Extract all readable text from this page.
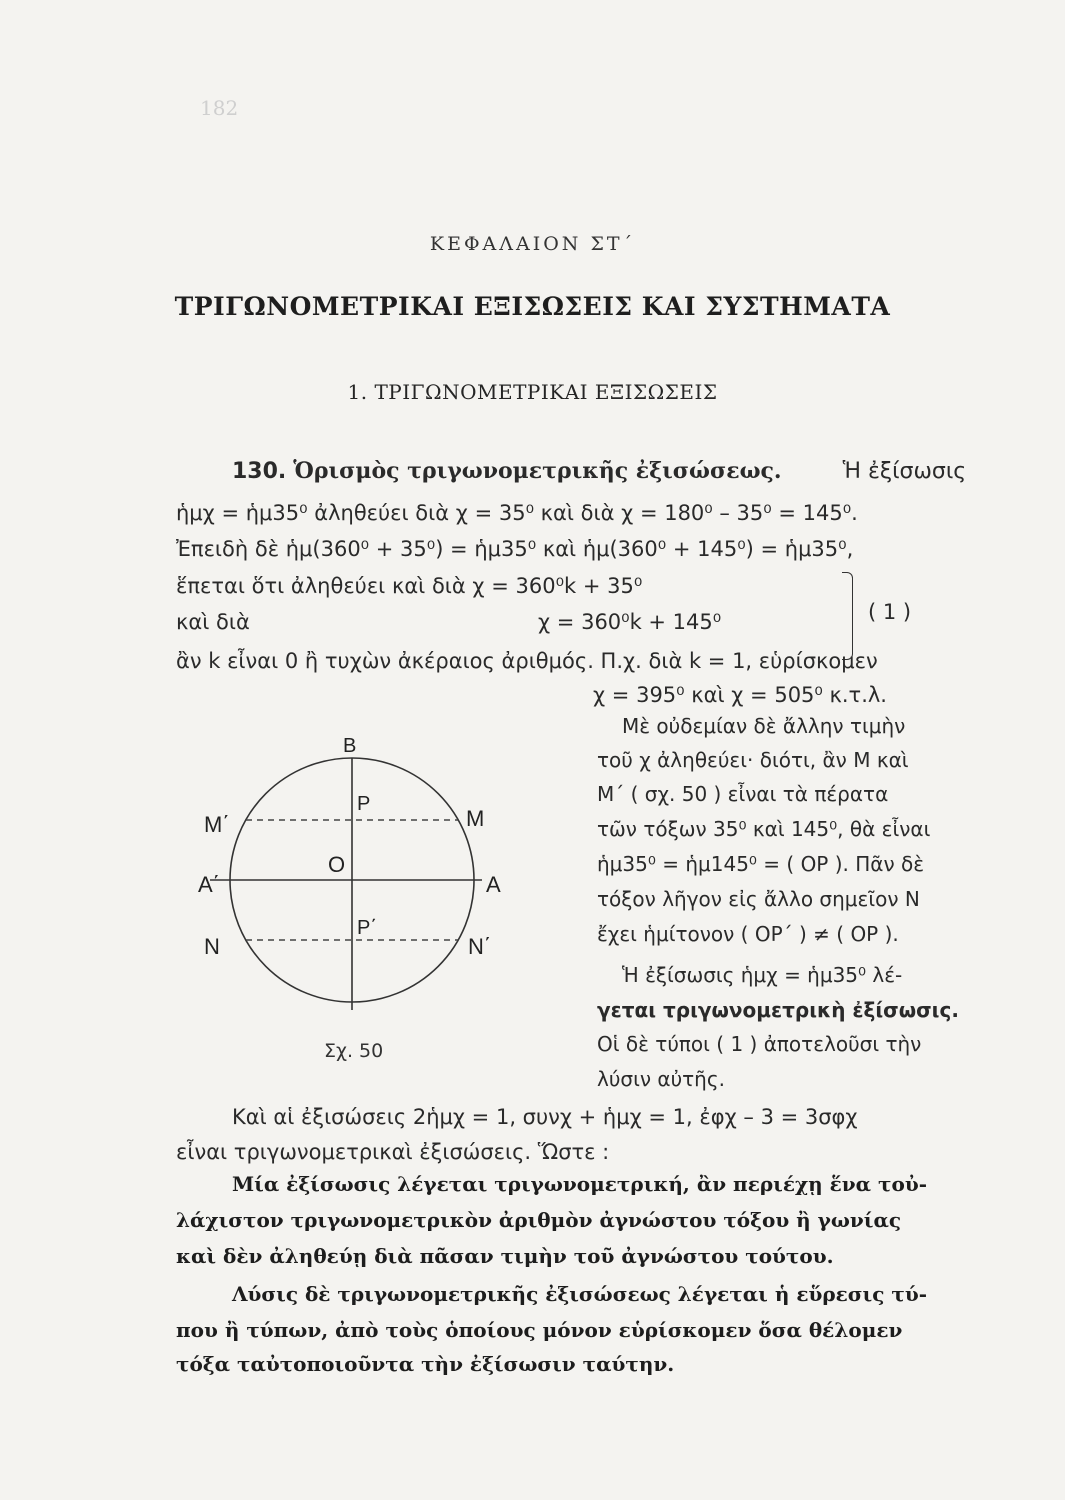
182
ΚΕΦΑΛΑΙΟΝ ΣΤ΄
ΤΡΙΓΩΝΟΜΕΤΡΙΚΑΙ ΕΞΙΣΩΣΕΙΣ ΚΑΙ ΣΥΣΤΗΜΑΤΑ
1. ΤΡΙΓΩΝΟΜΕΤΡΙΚΑΙ ΕΞΙΣΩΣΕΙΣ
130. Ὁρισμὸς τριγωνομετρικῆς ἐξισώσεως.	Ἡ ἐξίσωσις
ἡμχ = ἡμ35⁰ ἀληθεύει διὰ χ = 35⁰ καὶ διὰ χ = 180⁰ – 35⁰ = 145⁰.
Ἐπειδὴ δὲ ἡμ(360⁰ + 35⁰) = ἡμ35⁰ καὶ ἡμ(360⁰ + 145⁰) = ἡμ35⁰,
ἕπεται ὅτι ἀληθεύει καὶ διὰ χ = 360⁰k + 35⁰
καὶ διὰ	χ = 360⁰k + 145⁰	( 1 )
ἂν k εἶναι 0 ἢ τυχὼν ἀκέραιος ἀριθμός. Π.χ. διὰ k = 1, εὑρίσκομεν
χ = 395⁰ καὶ χ = 505⁰ κ.τ.λ.
Μὲ οὐδεμίαν δὲ ἄλλην τιμὴν
τοῦ χ ἀληθεύει· διότι, ἂν Μ καὶ
Μ΄ ( σχ. 50 ) εἶναι τὰ πέρατα
τῶν τόξων 35⁰ καὶ 145⁰, θὰ εἶναι
ἡμ35⁰ = ἡμ145⁰ = ( ΟΡ ). Πᾶν δὲ
τόξον λῆγον εἰς ἄλλο σημεῖον Ν
ἔχει ἡμίτονον ( ΟΡ΄ ) ≠ ( ΟΡ ).
Ἡ ἐξίσωσις ἡμχ = ἡμ35⁰ λέ-
γεται τριγωνομετρικὴ ἐξίσωσις.
Οἱ δὲ τύποι ( 1 ) ἀποτελοῦσι τὴν
λύσιν αὐτῆς.
B
P
M
M΄
O
A΄	A
P΄
N	N΄
Σχ. 50
Καὶ αἱ ἐξισώσεις 2ἡμχ = 1, συνχ + ἡμχ = 1, ἐφχ – 3 = 3σφχ
εἶναι τριγωνομετρικαὶ ἐξισώσεις. Ὥστε :
Μία ἐξίσωσις λέγεται τριγωνομετρική, ἂν περιέχῃ ἕνα τοὐ-
λάχιστον τριγωνομετρικὸν ἀριθμὸν ἀγνώστου τόξου ἢ γωνίας
καὶ δὲν ἀληθεύῃ διὰ πᾶσαν τιμὴν τοῦ ἀγνώστου τούτου.
Λύσις δὲ τριγωνομετρικῆς ἐξισώσεως λέγεται ἡ εὕρεσις τύ-
που ἢ τύπων, ἀπὸ τοὺς ὁποίους μόνον εὑρίσκομεν ὅσα θέλομεν
τόξα ταὐτοποιοῦντα τὴν ἐξίσωσιν ταύτην.
